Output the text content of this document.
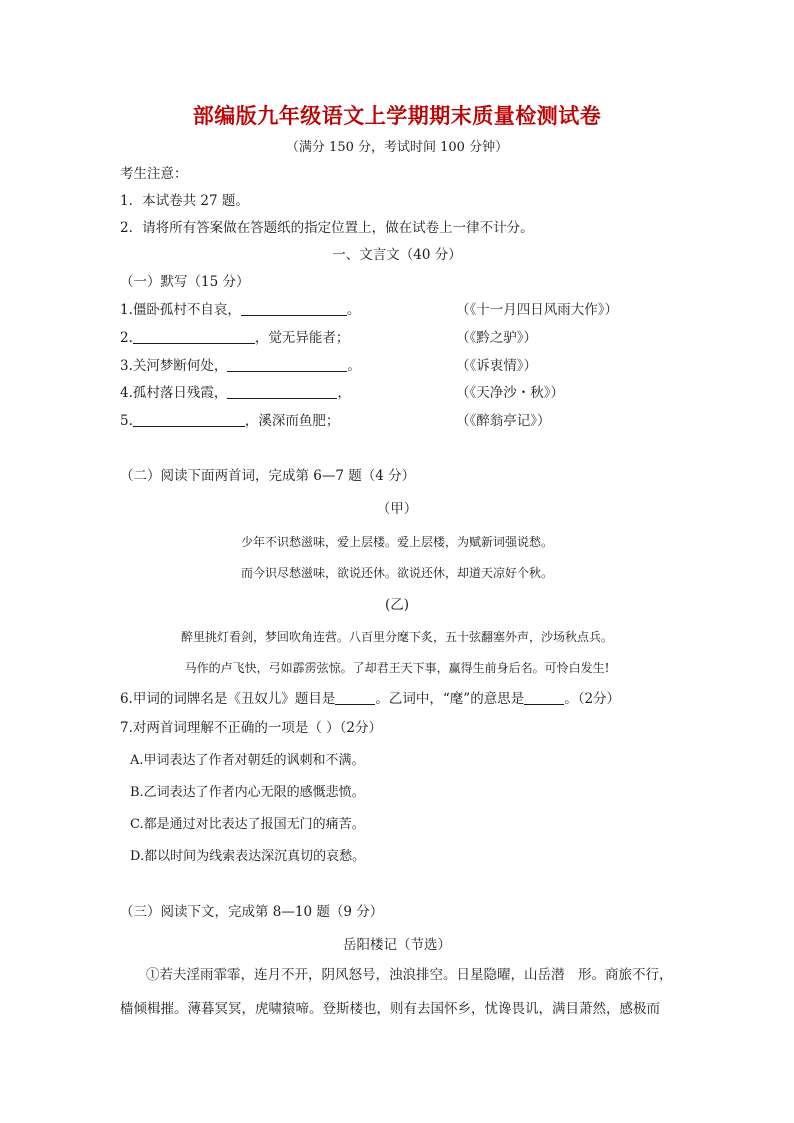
部编版九年级语文上学期期末质量检测试卷
（满分 150 分，考试时间 100 分钟）
考生注意：
1．本试卷共 27 题。
2．请将所有答案做在答题纸的指定位置上，做在试卷上一律不计分。
一、文言文（40 分）
（一）默写（15 分）
1.僵卧孤村不自哀，	。	（《十一月四日风雨大作》）
2.	，觉无异能者；	（《黔之驴》）
3.关河梦断何处，	。	（《诉衷情》）
4.孤村落日残霞，	，	（《天净沙・秋》）
5.	，溪深而鱼肥；	（《醉翁亭记》）
（二）阅读下面两首词，完成第 6—7 题（4 分）
（甲）
少年不识愁滋味，爱上层楼。爱上层楼，为赋新词强说愁。
而今识尽愁滋味，欲说还休。欲说还休，却道天凉好个秋。
(乙)
醉里挑灯看剑，梦回吹角连营。八百里分麾下炙，五十弦翻塞外声，沙场秋点兵。
马作的卢飞快，弓如霹雳弦惊。了却君王天下事，赢得生前身后名。可怜白发生!
6.甲词的词牌名是《丑奴儿》题目是	。乙词中，“麾”的意思是	。（2分）
7.对两首词理解不正确的一项是（ ）（2分）
A.甲词表达了作者对朝廷的讽刺和不满。
B.乙词表达了作者内心无限的感慨悲愤。
C.都是通过对比表达了报国无门的痛苦。
D.都以时间为线索表达深沉真切的哀愁。
（三）阅读下文，完成第 8—10 题（9 分）
岳阳楼记（节选）
①若夫淫雨霏霏，连月不开，阴风怒号，浊浪排空。日星隐曜，山岳潜　形。商旅不行，
樯倾楫摧。薄暮冥冥，虎啸猿啼。登斯楼也，则有去国怀乡，忧谗畏讥，满目萧然，感极而
